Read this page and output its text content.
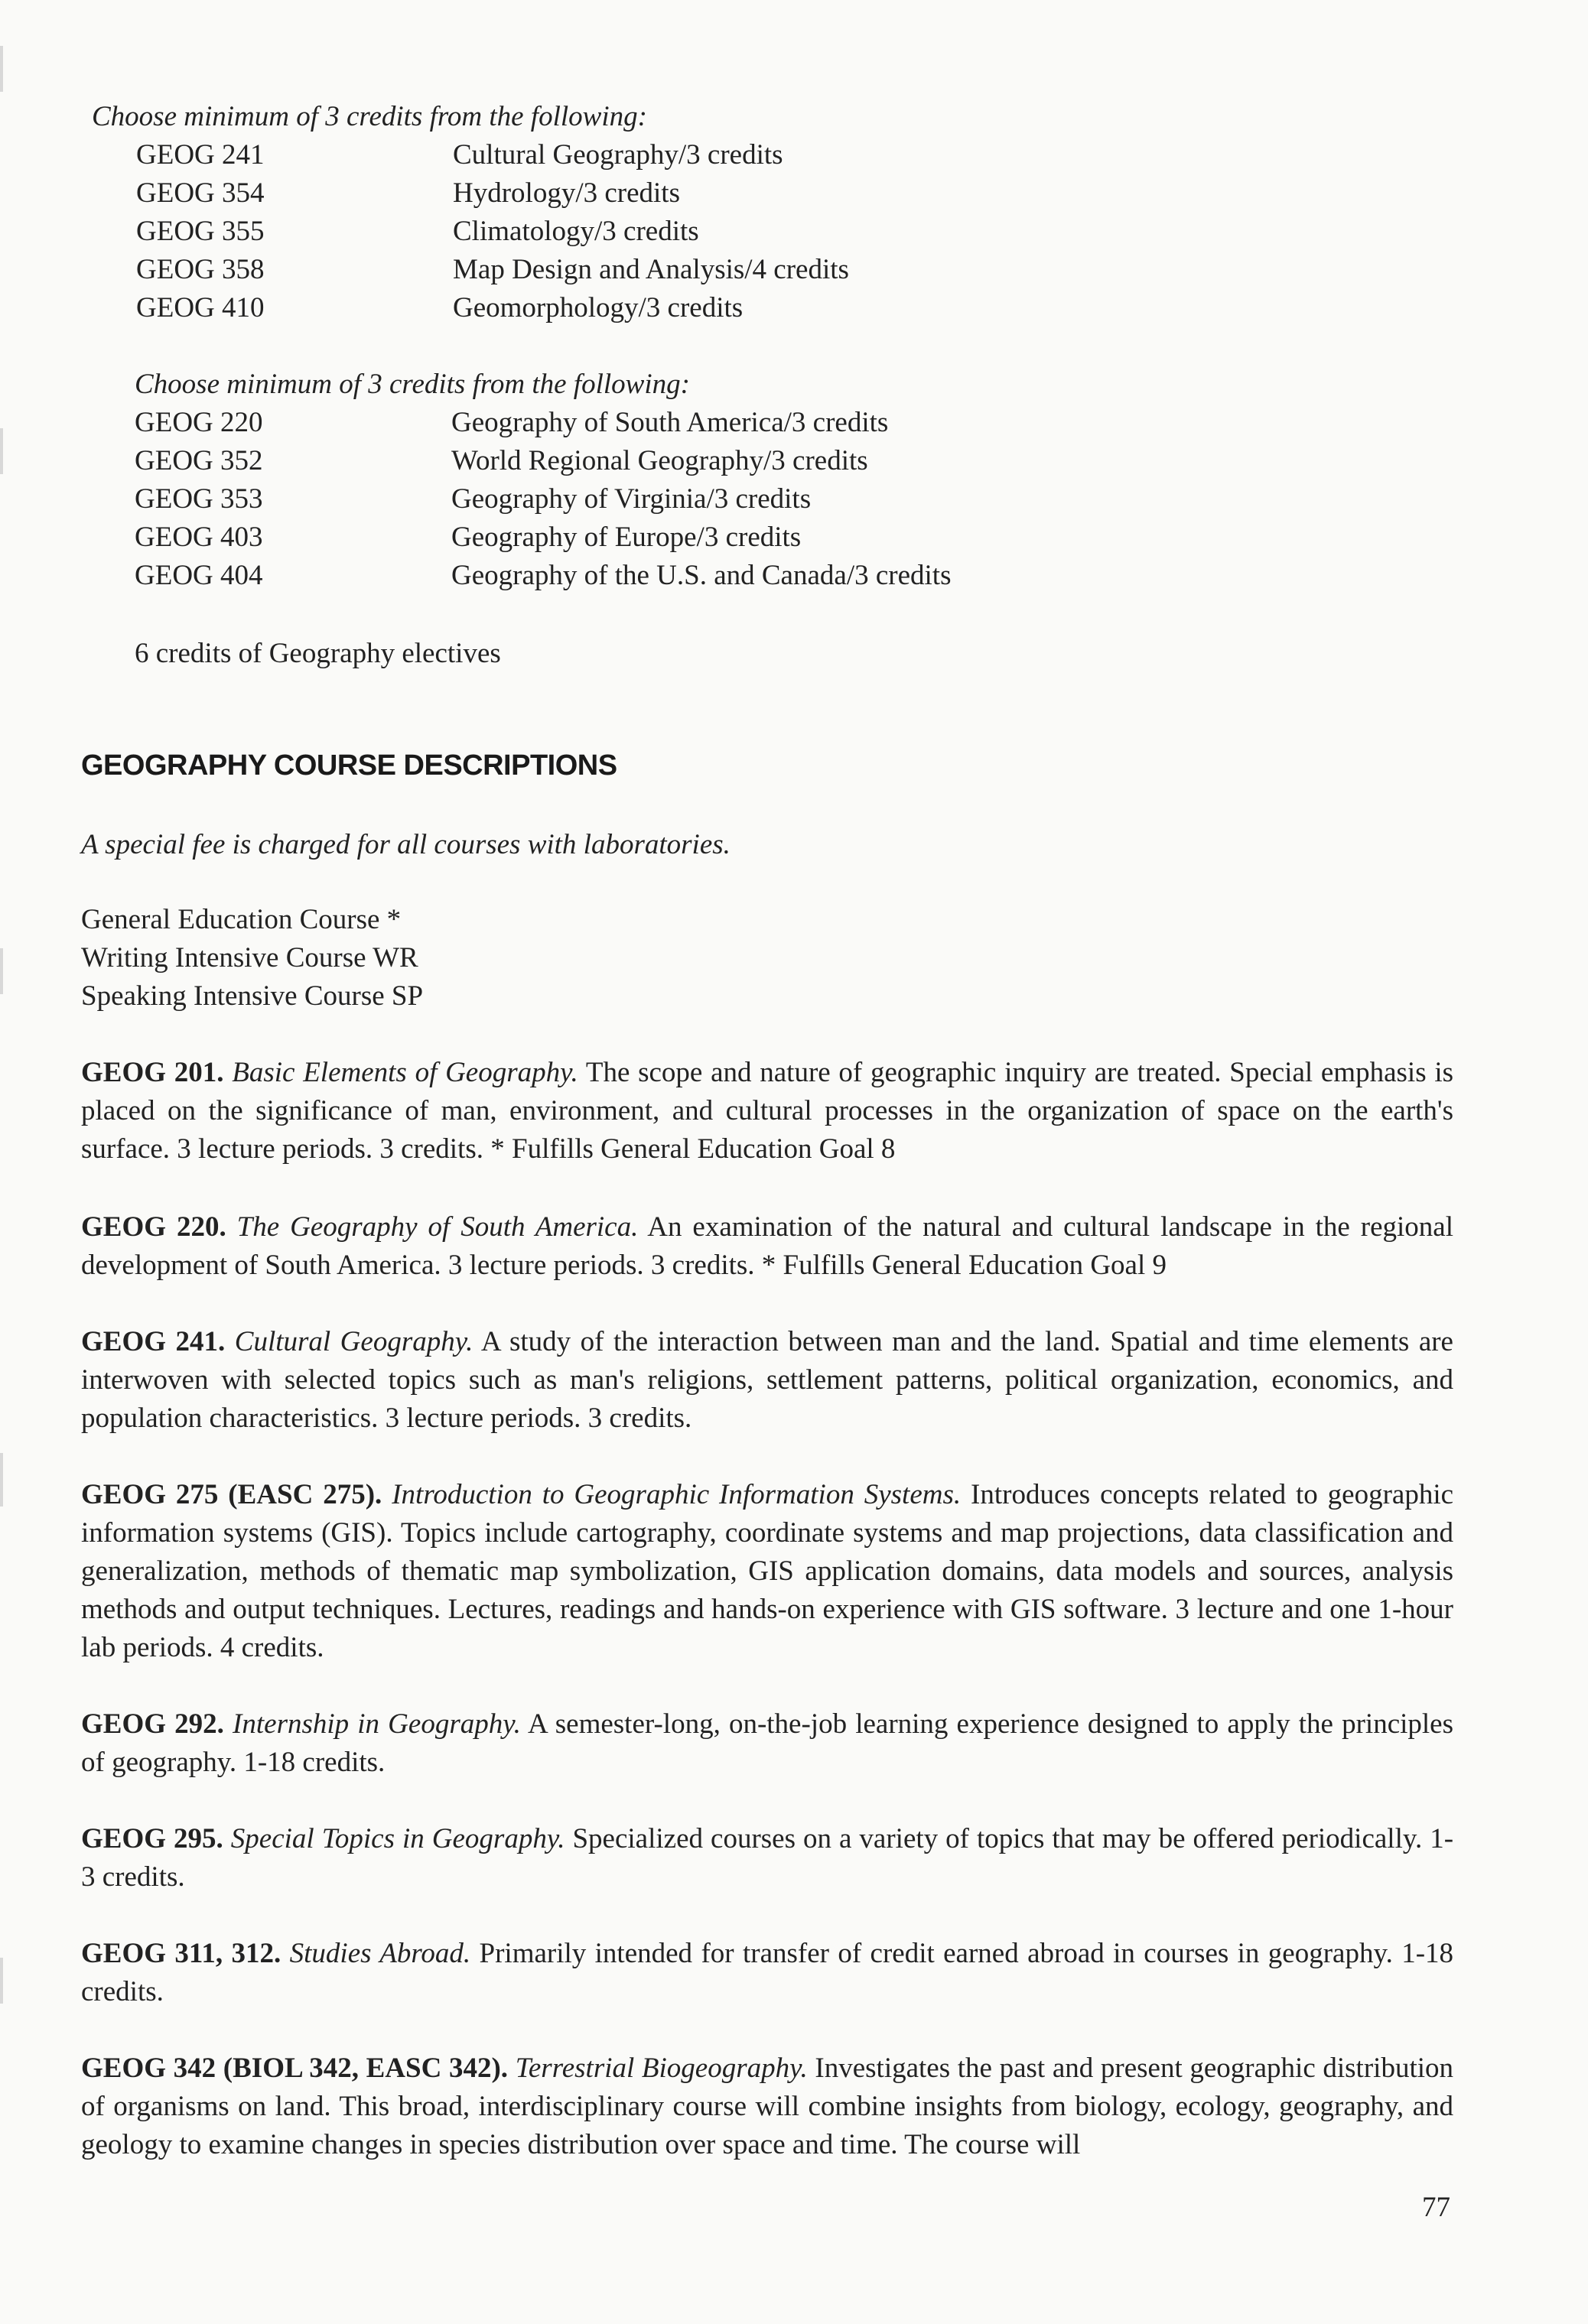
Choose minimum of 3 credits from the following:
GEOG 241	Cultural Geography/3 credits
GEOG 354	Hydrology/3 credits
GEOG 355	Climatology/3 credits
GEOG 358	Map Design and Analysis/4 credits
GEOG 410	Geomorphology/3 credits
Choose minimum of 3 credits from the following:
GEOG 220	Geography of South America/3 credits
GEOG 352	World Regional Geography/3 credits
GEOG 353	Geography of Virginia/3 credits
GEOG 403	Geography of Europe/3 credits
GEOG 404	Geography of the U.S. and Canada/3 credits
6 credits of Geography electives
GEOGRAPHY COURSE DESCRIPTIONS
A special fee is charged for all courses with laboratories.
General Education Course *
Writing Intensive Course WR
Speaking Intensive Course SP
GEOG 201. Basic Elements of Geography. The scope and nature of geographic inquiry are treated. Special emphasis is placed on the significance of man, environment, and cultural processes in the organization of space on the earth's surface. 3 lecture periods. 3 credits. * Fulfills General Education Goal 8
GEOG 220. The Geography of South America. An examination of the natural and cultural landscape in the regional development of South America. 3 lecture periods. 3 credits. * Fulfills General Education Goal 9
GEOG 241. Cultural Geography. A study of the interaction between man and the land. Spatial and time elements are interwoven with selected topics such as man's religions, settlement patterns, political organization, economics, and population characteristics. 3 lecture periods. 3 credits.
GEOG 275 (EASC 275). Introduction to Geographic Information Systems. Introduces concepts related to geographic information systems (GIS). Topics include cartography, coordinate systems and map projections, data classification and generalization, methods of thematic map symbolization, GIS application domains, data models and sources, analysis methods and output techniques. Lectures, readings and hands-on experience with GIS software. 3 lecture and one 1-hour lab periods. 4 credits.
GEOG 292. Internship in Geography. A semester-long, on-the-job learning experience designed to apply the principles of geography. 1-18 credits.
GEOG 295. Special Topics in Geography. Specialized courses on a variety of topics that may be offered periodically. 1-3 credits.
GEOG 311, 312. Studies Abroad. Primarily intended for transfer of credit earned abroad in courses in geography. 1-18 credits.
GEOG 342 (BIOL 342, EASC 342). Terrestrial Biogeography. Investigates the past and present geographic distribution of organisms on land. This broad, interdisciplinary course will combine insights from biology, ecology, geography, and geology to examine changes in species distribution over space and time. The course will
77
